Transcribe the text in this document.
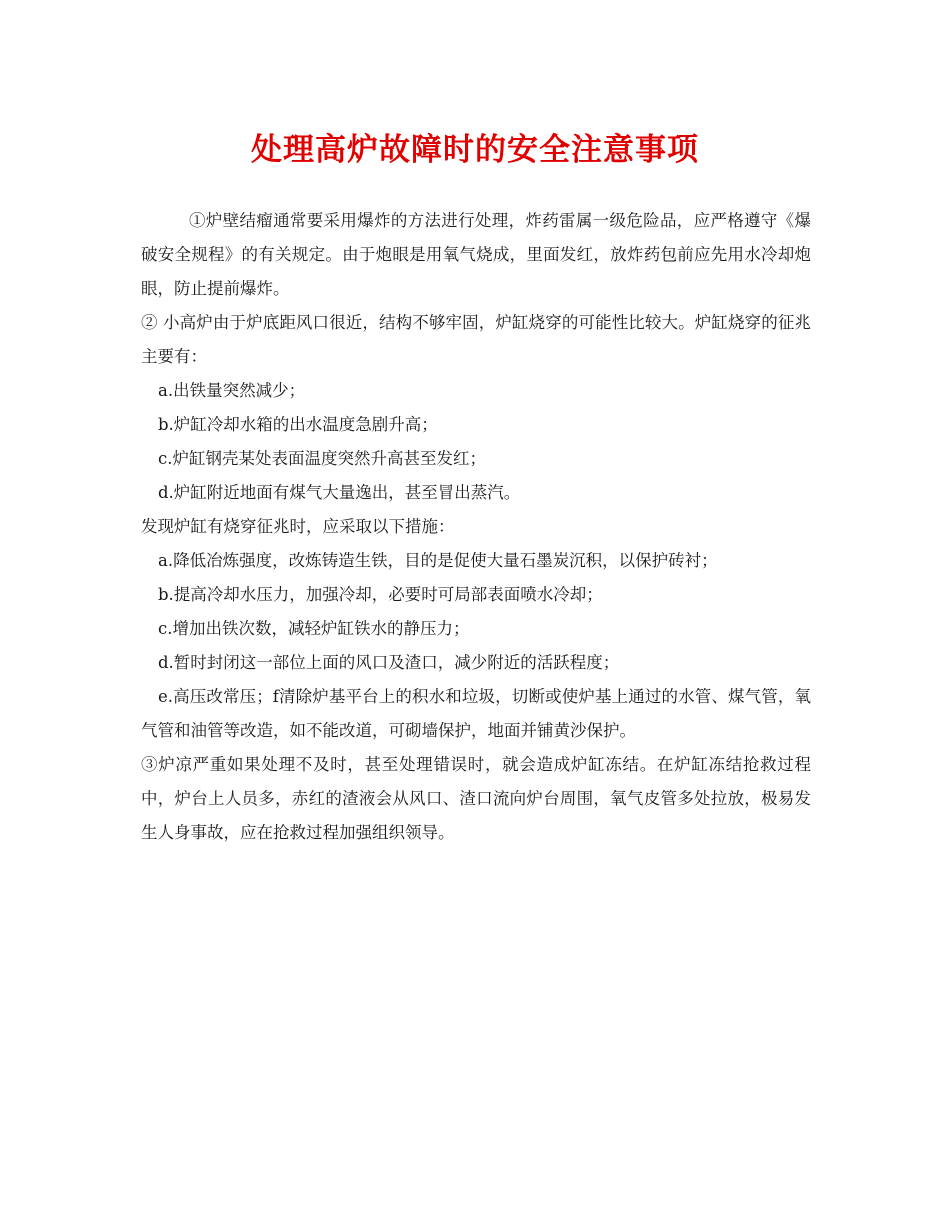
处理高炉故障时的安全注意事项

①炉壁结瘤通常要采用爆炸的方法进行处理，炸药雷属一级危险品，应严格遵守《爆破安全规程》的有关规定。由于炮眼是用氧气烧成，里面发红，放炸药包前应先用水冷却炮眼，防止提前爆炸。

② 小高炉由于炉底距风口很近，结构不够牢固，炉缸烧穿的可能性比较大。炉缸烧穿的征兆主要有：

a.出铁量突然减少；

b.炉缸冷却水箱的出水温度急剧升高；

c.炉缸钢壳某处表面温度突然升高甚至发红；

d.炉缸附近地面有煤气大量逸出，甚至冒出蒸汽。

发现炉缸有烧穿征兆时，应采取以下措施：

a.降低冶炼强度，改炼铸造生铁，目的是促使大量石墨炭沉积，以保护砖衬；

b.提高冷却水压力，加强冷却，必要时可局部表面喷水冷却；

c.增加出铁次数，减轻炉缸铁水的静压力；

d.暂时封闭这一部位上面的风口及渣口，减少附近的活跃程度；

e.高压改常压；f清除炉基平台上的积水和垃圾，切断或使炉基上通过的水管、煤气管，氧气管和油管等改造，如不能改道，可砌墙保护，地面并铺黄沙保护。

③炉凉严重如果处理不及时，甚至处理错误时，就会造成炉缸冻结。在炉缸冻结抢救过程中，炉台上人员多，赤红的渣液会从风口、渣口流向炉台周围，氧气皮管多处拉放，极易发生人身事故，应在抢救过程加强组织领导。
